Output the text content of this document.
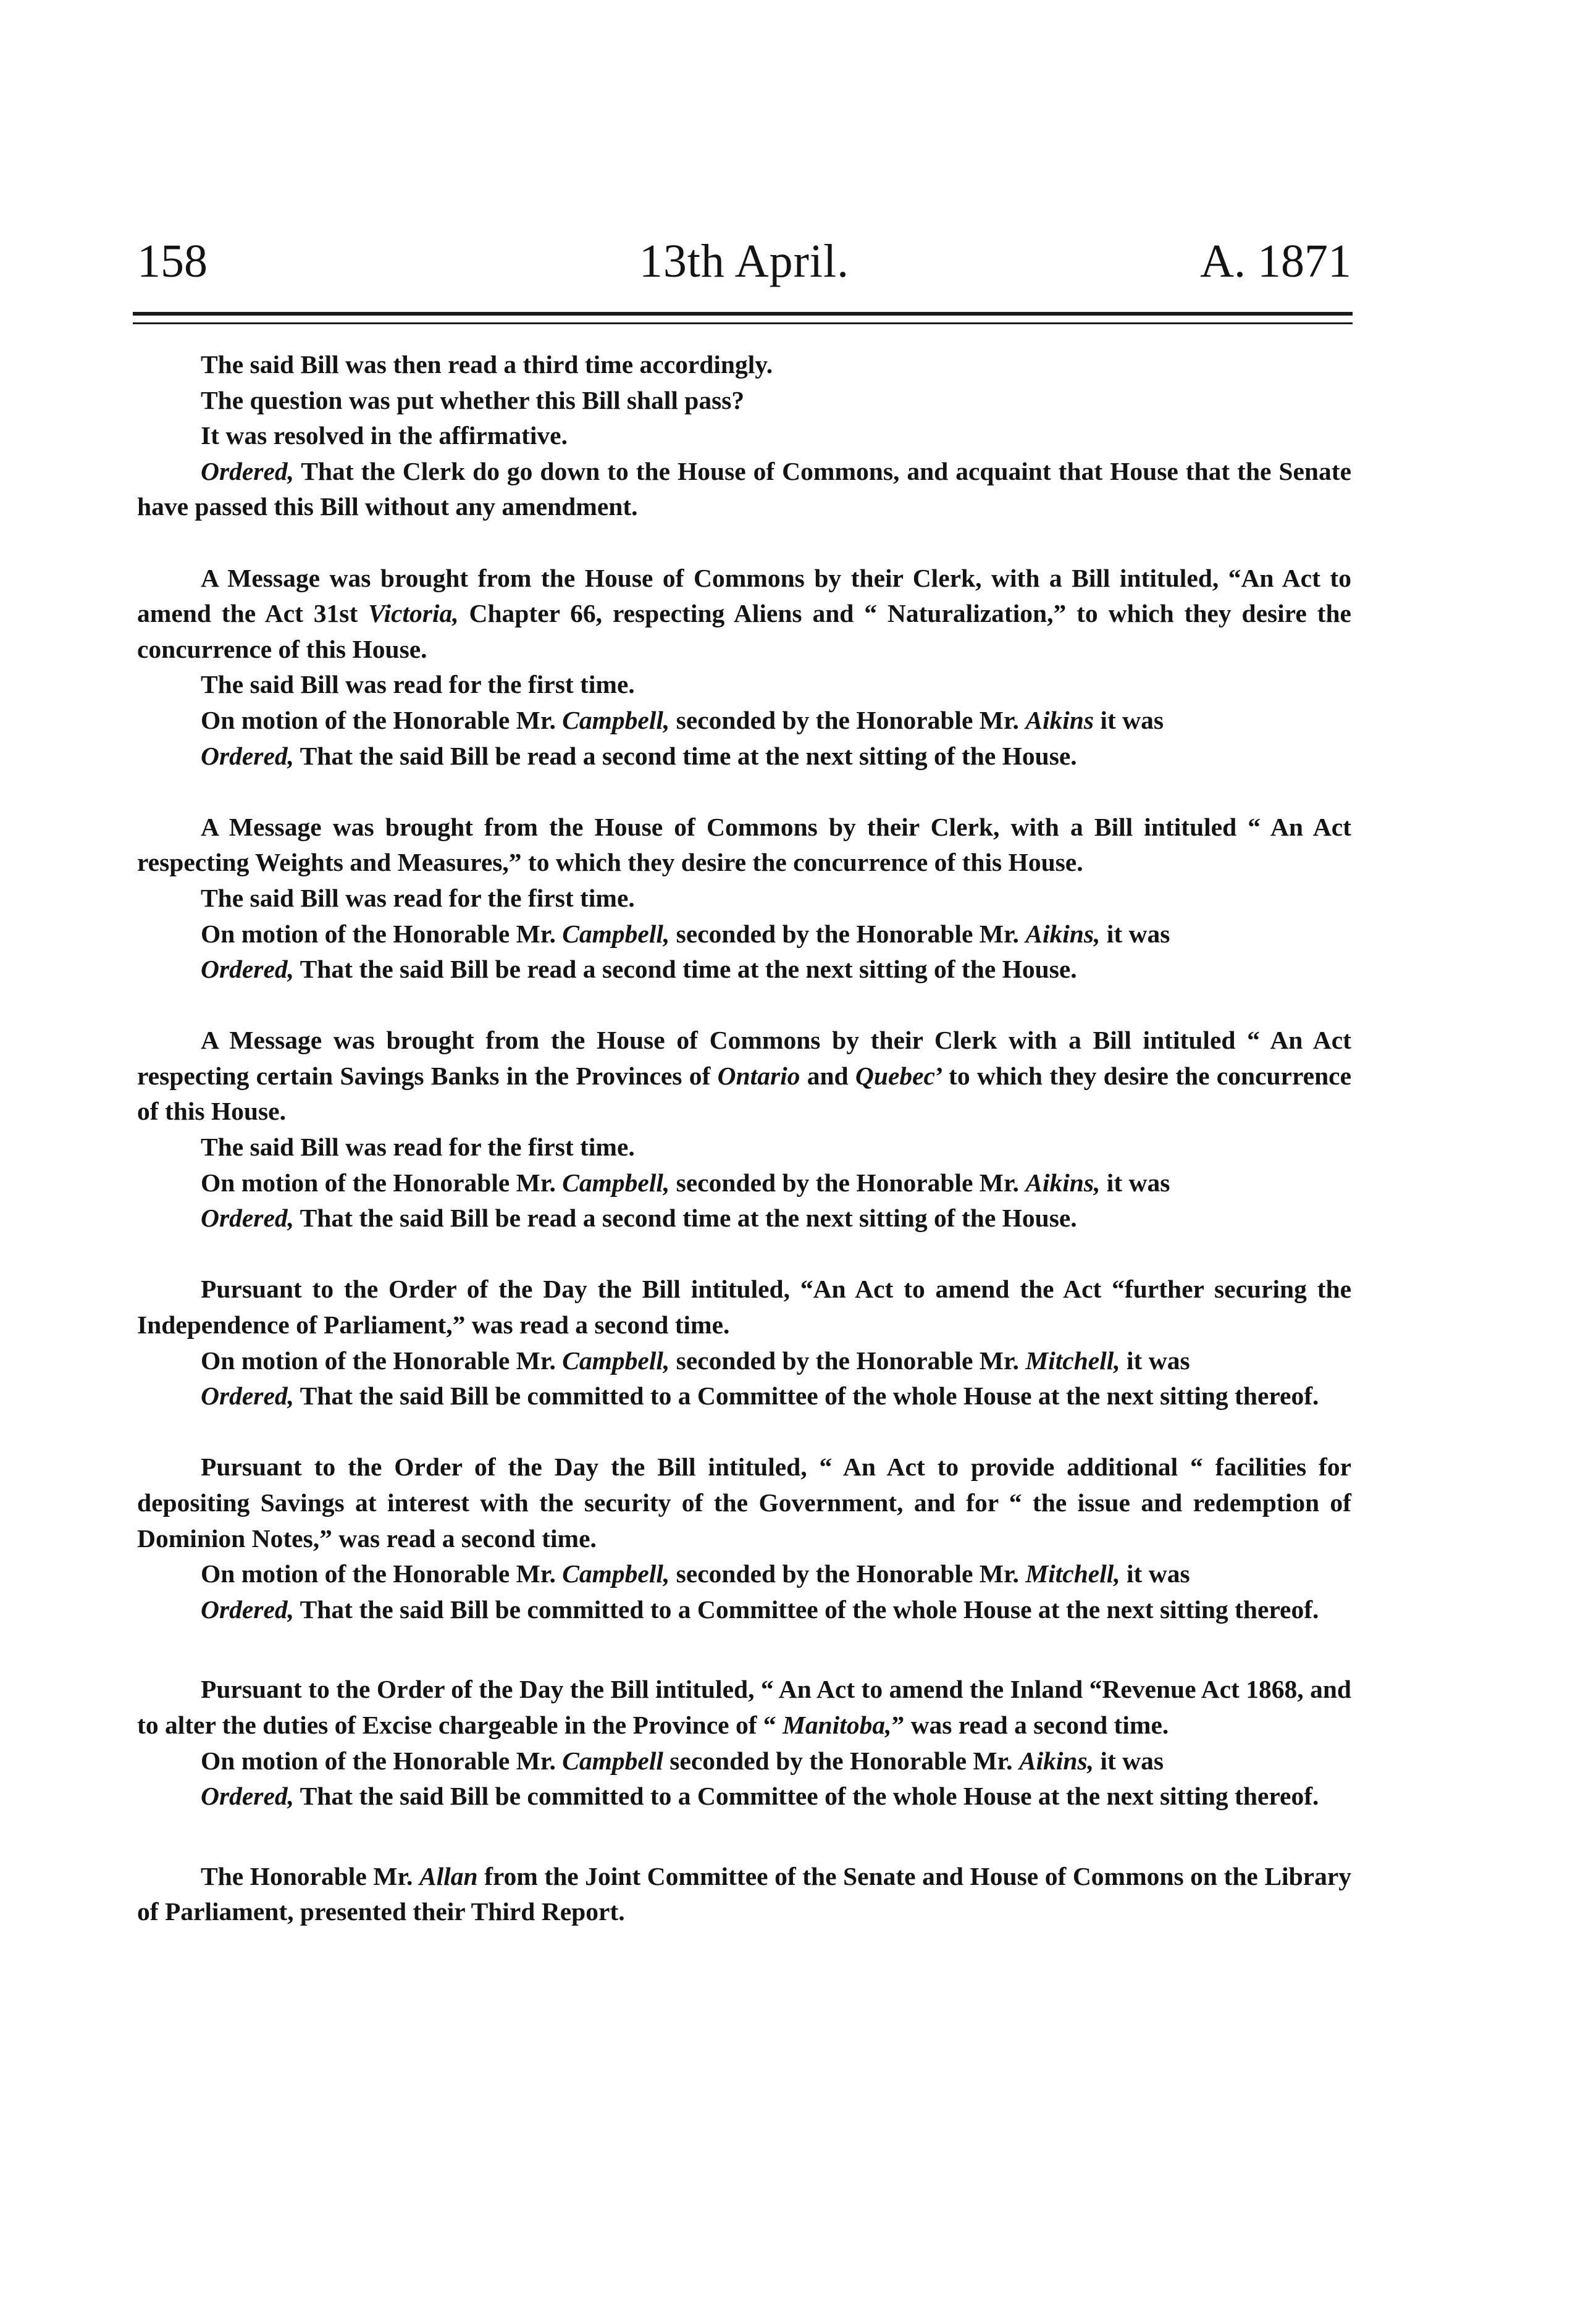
158	13th April.	A. 1871

The said Bill was then read a third time accordingly.

The question was put whether this Bill shall pass?

It was resolved in the affirmative.

Ordered, That the Clerk do go down to the House of Commons, and acquaint that House that the Senate have passed this Bill without any amendment.

A Message was brought from the House of Commons by their Clerk, with a Bill intituled, “An Act to amend the Act 31st Victoria, Chapter 66, respecting Aliens and “ Naturalization,” to which they desire the concurrence of this House.

The said Bill was read for the first time.

On motion of the Honorable Mr. Campbell, seconded by the Honorable Mr. Aikins it was

Ordered, That the said Bill be read a second time at the next sitting of the House.

A Message was brought from the House of Commons by their Clerk, with a Bill intituled “ An Act respecting Weights and Measures,” to which they desire the concurrence of this House.

The said Bill was read for the first time.

On motion of the Honorable Mr. Campbell, seconded by the Honorable Mr. Aikins, it was

Ordered, That the said Bill be read a second time at the next sitting of the House.

A Message was brought from the House of Commons by their Clerk with a Bill intituled “ An Act respecting certain Savings Banks in the Provinces of Ontario and Quebec’ to which they desire the concurrence of this House.

The said Bill was read for the first time.

On motion of the Honorable Mr. Campbell, seconded by the Honorable Mr. Aikins, it was

Ordered, That the said Bill be read a second time at the next sitting of the House.

Pursuant to the Order of the Day the Bill intituled, “An Act to amend the Act “further securing the Independence of Parliament,” was read a second time.

On motion of the Honorable Mr. Campbell, seconded by the Honorable Mr. Mitchell, it was

Ordered, That the said Bill be committed to a Committee of the whole House at the next sitting thereof.

Pursuant to the Order of the Day the Bill intituled, “ An Act to provide additional “ facilities for depositing Savings at interest with the security of the Government, and for “ the issue and redemption of Dominion Notes,” was read a second time.

On motion of the Honorable Mr. Campbell, seconded by the Honorable Mr. Mitchell, it was

Ordered, That the said Bill be committed to a Committee of the whole House at the next sitting thereof.

Pursuant to the Order of the Day the Bill intituled, “ An Act to amend the Inland “Revenue Act 1868, and to alter the duties of Excise chargeable in the Province of “ Manitoba,” was read a second time.

On motion of the Honorable Mr. Campbell seconded by the Honorable Mr. Aikins, it was

Ordered, That the said Bill be committed to a Committee of the whole House at the next sitting thereof.

The Honorable Mr. Allan from the Joint Committee of the Senate and House of Commons on the Library of Parliament, presented their Third Report.
